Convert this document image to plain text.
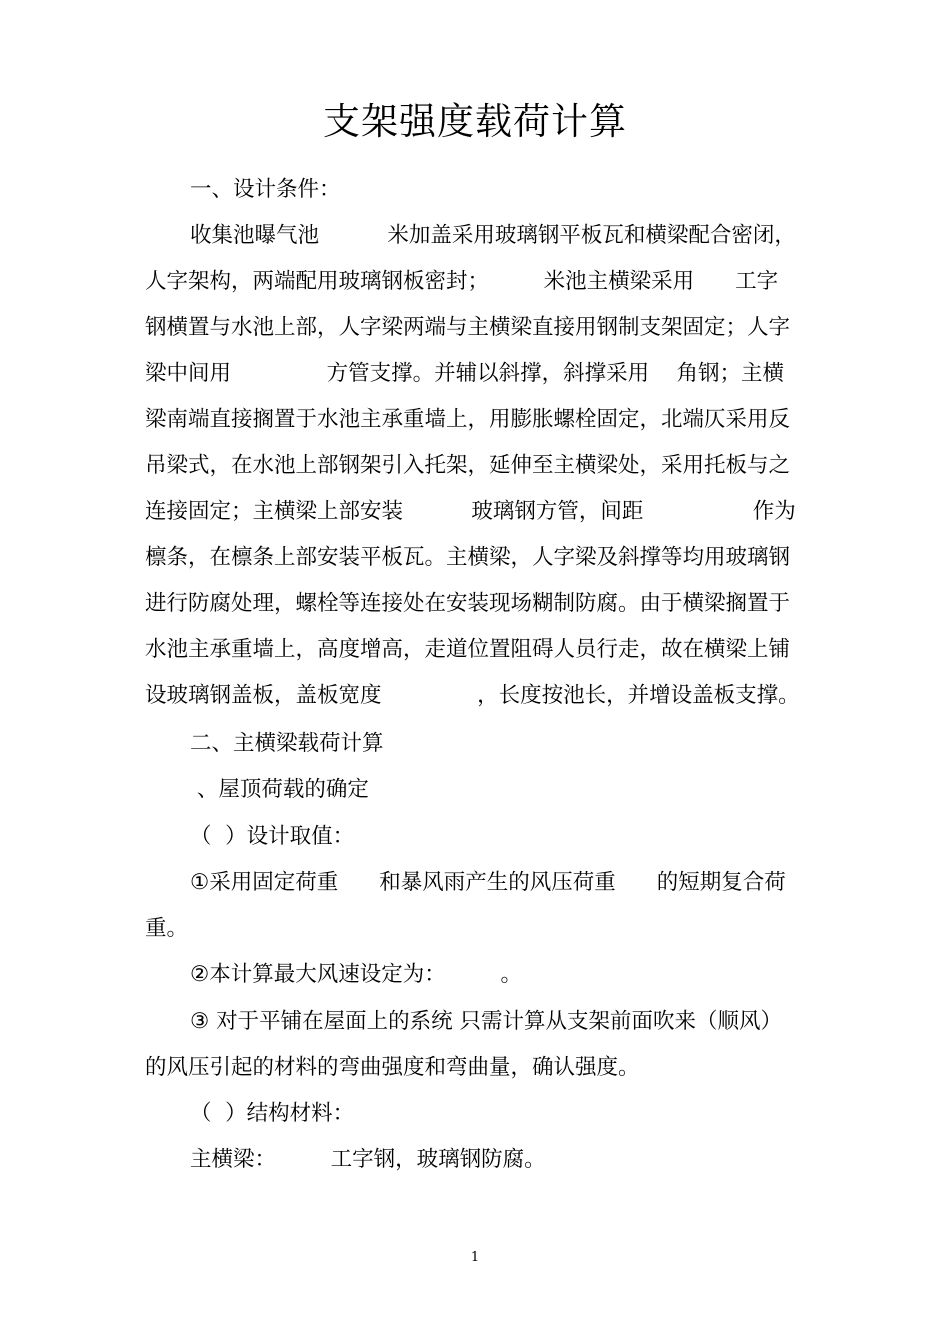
支架强度载荷计算
一、设计条件：
收集池曝气池          米加盖采用玻璃钢平板瓦和横梁配合密闭，
人字架构，两端配用玻璃钢板密封；        米池主横梁采用      工字
钢横置与水池上部，人字梁两端与主横梁直接用钢制支架固定；人字
梁中间用              方管支撑。并辅以斜撑，斜撑采用    角钢；主横
梁南端直接搁置于水池主承重墙上，用膨胀螺栓固定，北端仄采用反
吊梁式，在水池上部钢架引入托架，延伸至主横梁处，采用托板与之
连接固定；主横梁上部安装          玻璃钢方管，间距                作为
檩条，在檩条上部安装平板瓦。主横梁，人字梁及斜撑等均用玻璃钢
进行防腐处理，螺栓等连接处在安装现场糊制防腐。由于横梁搁置于
水池主承重墙上，高度增高，走道位置阻碍人员行走，故在横梁上铺
设玻璃钢盖板，盖板宽度              ，长度按池长，并增设盖板支撑。
二、主横梁载荷计算
、屋顶荷载的确定
（  ）设计取值：
①采用固定荷重      和暴风雨产生的风压荷重      的短期复合荷
重。
②本计算最大风速设定为：        。
③ 对于平铺在屋面上的系统 只需计算从支架前面吹来（顺风）
的风压引起的材料的弯曲强度和弯曲量，确认强度。
（  ）结构材料：
主横梁：        工字钢，玻璃钢防腐。
1
